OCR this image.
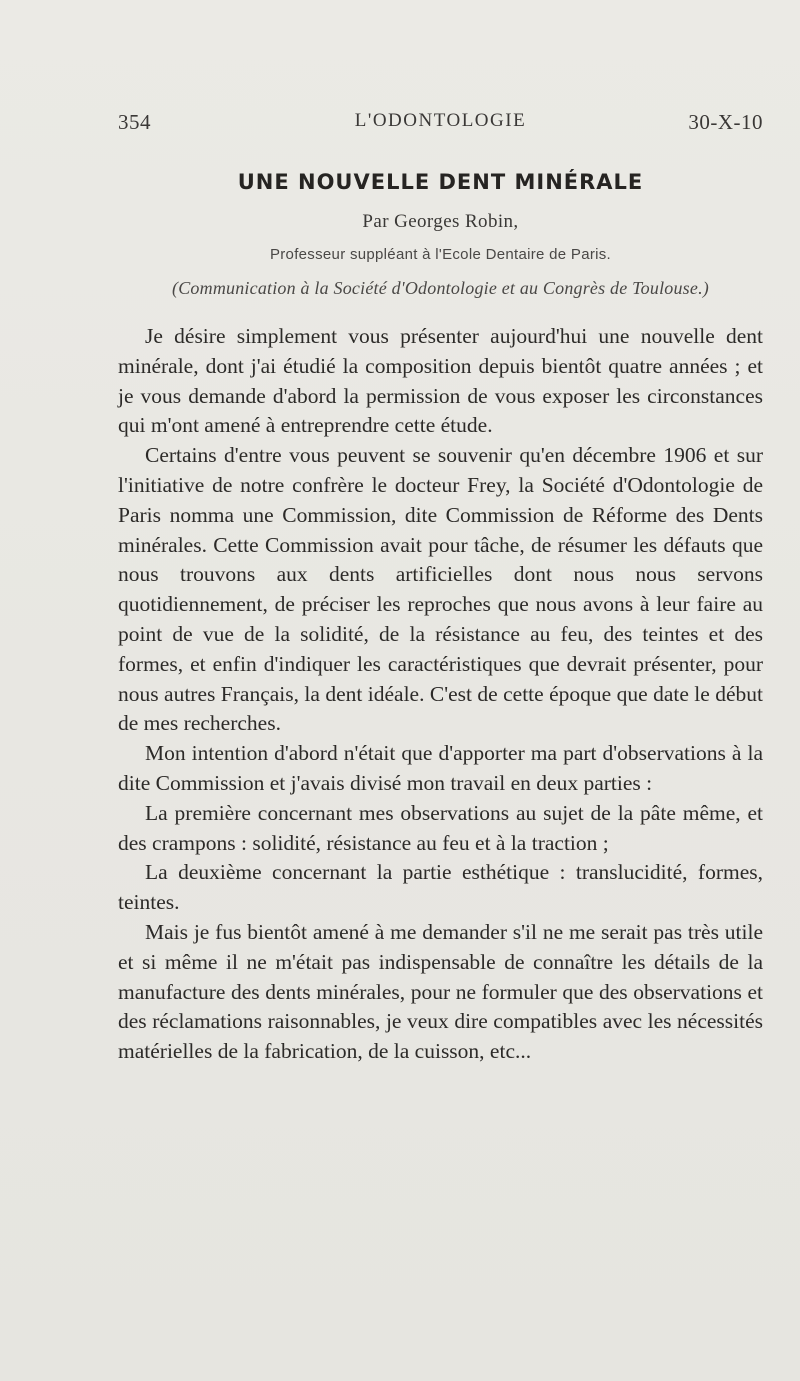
354	L'ODONTOLOGIE	30-X-10
UNE NOUVELLE DENT MINÉRALE
Par Georges Robin,
Professeur suppléant à l'Ecole Dentaire de Paris.
(Communication à la Société d'Odontologie et au Congrès de Toulouse.)

Je désire simplement vous présenter aujourd'hui une nouvelle dent minérale, dont j'ai étudié la composition depuis bientôt quatre années ; et je vous demande d'abord la permission de vous exposer les circonstances qui m'ont amené à entreprendre cette étude.

Certains d'entre vous peuvent se souvenir qu'en décembre 1906 et sur l'initiative de notre confrère le docteur Frey, la Société d'Odontologie de Paris nomma une Commission, dite Commission de Réforme des Dents minérales. Cette Commission avait pour tâche, de résumer les défauts que nous trouvons aux dents artificielles dont nous nous servons quotidiennement, de préciser les reproches que nous avons à leur faire au point de vue de la solidité, de la résistance au feu, des teintes et des formes, et enfin d'indiquer les caractéristiques que devrait présenter, pour nous autres Français, la dent idéale. C'est de cette époque que date le début de mes recherches.

Mon intention d'abord n'était que d'apporter ma part d'observations à la dite Commission et j'avais divisé mon travail en deux parties :

La première concernant mes observations au sujet de la pâte même, et des crampons : solidité, résistance au feu et à la traction ;

La deuxième concernant la partie esthétique : translucidité, formes, teintes.

Mais je fus bientôt amené à me demander s'il ne me serait pas très utile et si même il ne m'était pas indispensable de connaître les détails de la manufacture des dents minérales, pour ne formuler que des observations et des réclamations raisonnables, je veux dire compatibles avec les nécessités matérielles de la fabrication, de la cuisson, etc...
